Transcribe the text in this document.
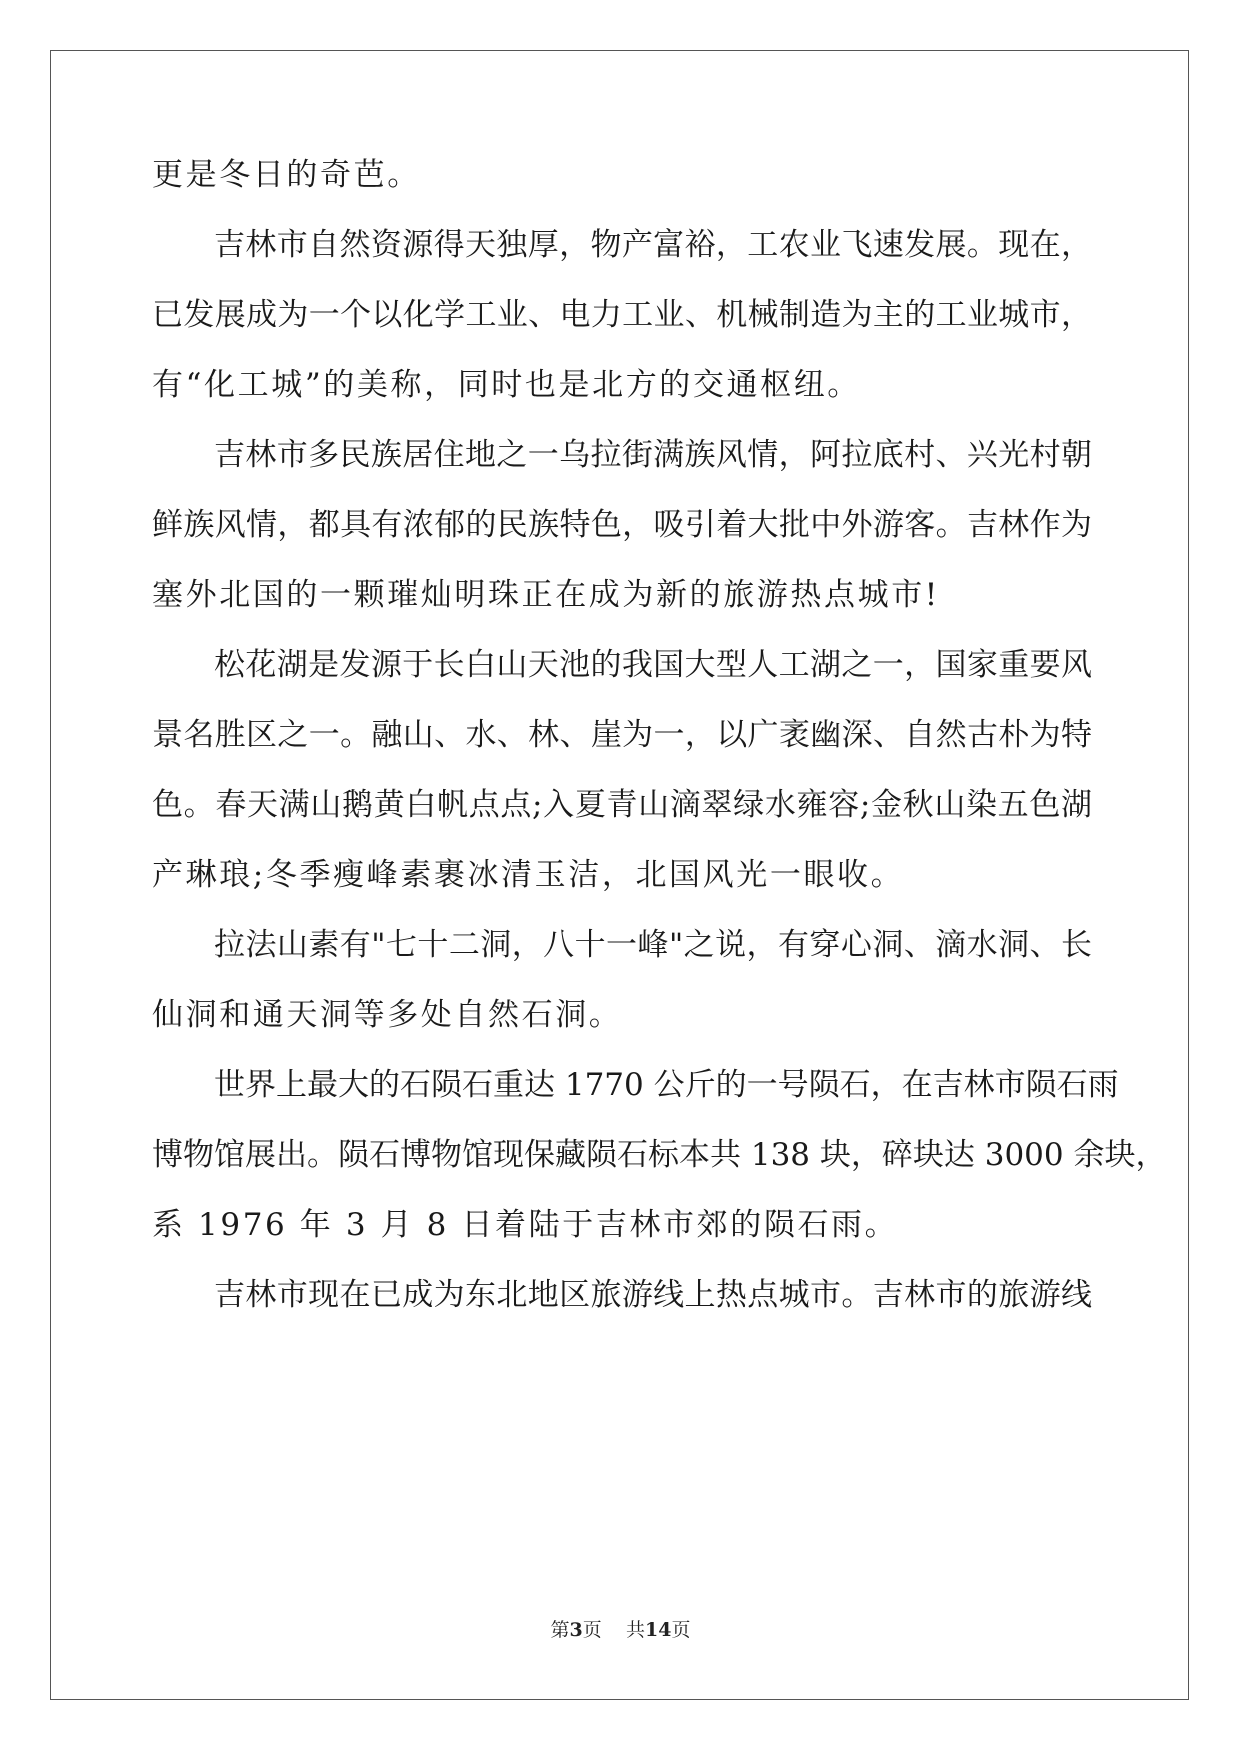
更是冬日的奇芭。
吉林市自然资源得天独厚，物产富裕，工农业飞速发展。现在，
已发展成为一个以化学工业、电力工业、机械制造为主的工业城市，
有“化工城”的美称，同时也是北方的交通枢纽。
吉林市多民族居住地之一乌拉街满族风情，阿拉底村、兴光村朝
鲜族风情，都具有浓郁的民族特色，吸引着大批中外游客。吉林作为
塞外北国的一颗璀灿明珠正在成为新的旅游热点城市!
松花湖是发源于长白山天池的我国大型人工湖之一，国家重要风
景名胜区之一。融山、水、林、崖为一，以广袤幽深、自然古朴为特
色。春天满山鹅黄白帆点点;入夏青山滴翠绿水雍容;金秋山染五色湖
产琳琅;冬季瘦峰素裹冰清玉洁，北国风光一眼收。
拉法山素有"七十二洞，八十一峰"之说，有穿心洞、滴水洞、长
仙洞和通天洞等多处自然石洞。
世界上最大的石陨石重达 1770 公斤的一号陨石，在吉林市陨石雨
博物馆展出。陨石博物馆现保藏陨石标本共 138 块，碎块达 3000 余块，
系 1976 年 3 月 8 日着陆于吉林市郊的陨石雨。
吉林市现在已成为东北地区旅游线上热点城市。吉林市的旅游线
第3页 共14页
